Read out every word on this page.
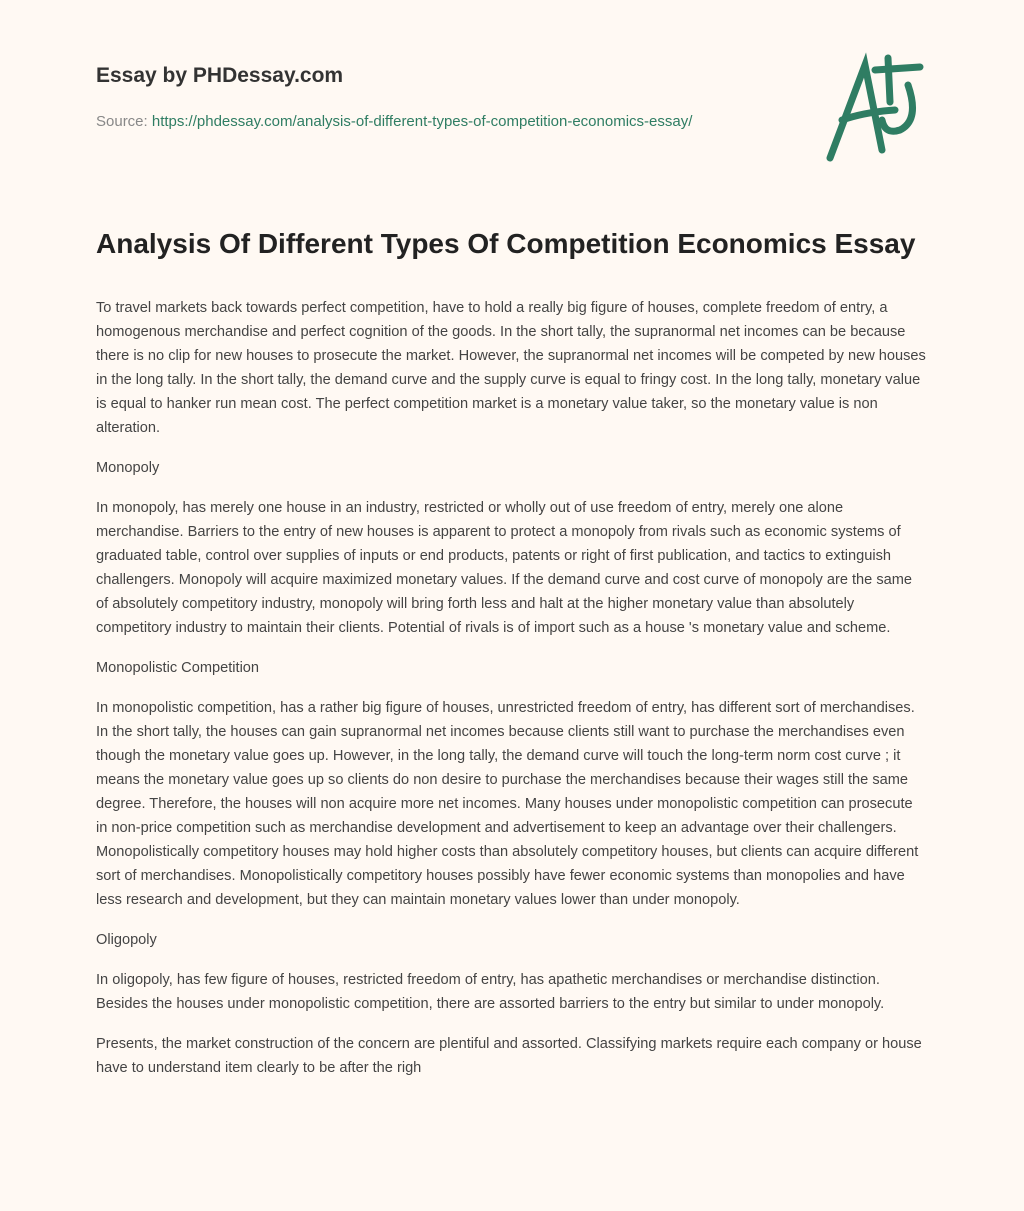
Essay by PHDessay.com
Source: https://phdessay.com/analysis-of-different-types-of-competition-economics-essay/
Analysis Of Different Types Of Competition Economics Essay

To travel markets back towards perfect competition, have to hold a really big figure of houses, complete freedom of entry, a homogenous merchandise and perfect cognition of the goods. In the short tally, the supranormal net incomes can be because there is no clip for new houses to prosecute the market. However, the supranormal net incomes will be competed by new houses in the long tally. In the short tally, the demand curve and the supply curve is equal to fringy cost. In the long tally, monetary value is equal to hanker run mean cost. The perfect competition market is a monetary value taker, so the monetary value is non alteration.

Monopoly

In monopoly, has merely one house in an industry, restricted or wholly out of use freedom of entry, merely one alone merchandise. Barriers to the entry of new houses is apparent to protect a monopoly from rivals such as economic systems of graduated table, control over supplies of inputs or end products, patents or right of first publication, and tactics to extinguish challengers. Monopoly will acquire maximized monetary values. If the demand curve and cost curve of monopoly are the same of absolutely competitory industry, monopoly will bring forth less and halt at the higher monetary value than absolutely competitory industry to maintain their clients. Potential of rivals is of import such as a house 's monetary value and scheme.

Monopolistic Competition

In monopolistic competition, has a rather big figure of houses, unrestricted freedom of entry, has different sort of merchandises. In the short tally, the houses can gain supranormal net incomes because clients still want to purchase the merchandises even though the monetary value goes up. However, in the long tally, the demand curve will touch the long-term norm cost curve ; it means the monetary value goes up so clients do non desire to purchase the merchandises because their wages still the same degree. Therefore, the houses will non acquire more net incomes. Many houses under monopolistic competition can prosecute in non-price competition such as merchandise development and advertisement to keep an advantage over their challengers. Monopolistically competitory houses may hold higher costs than absolutely competitory houses, but clients can acquire different sort of merchandises. Monopolistically competitory houses possibly have fewer economic systems than monopolies and have less research and development, but they can maintain monetary values lower than under monopoly.

Oligopoly

In oligopoly, has few figure of houses, restricted freedom of entry, has apathetic merchandises or merchandise distinction. Besides the houses under monopolistic competition, there are assorted barriers to the entry but similar to under monopoly.

Presents, the market construction of the concern are plentiful and assorted. Classifying markets require each company or house have to understand item clearly to be after the righ
